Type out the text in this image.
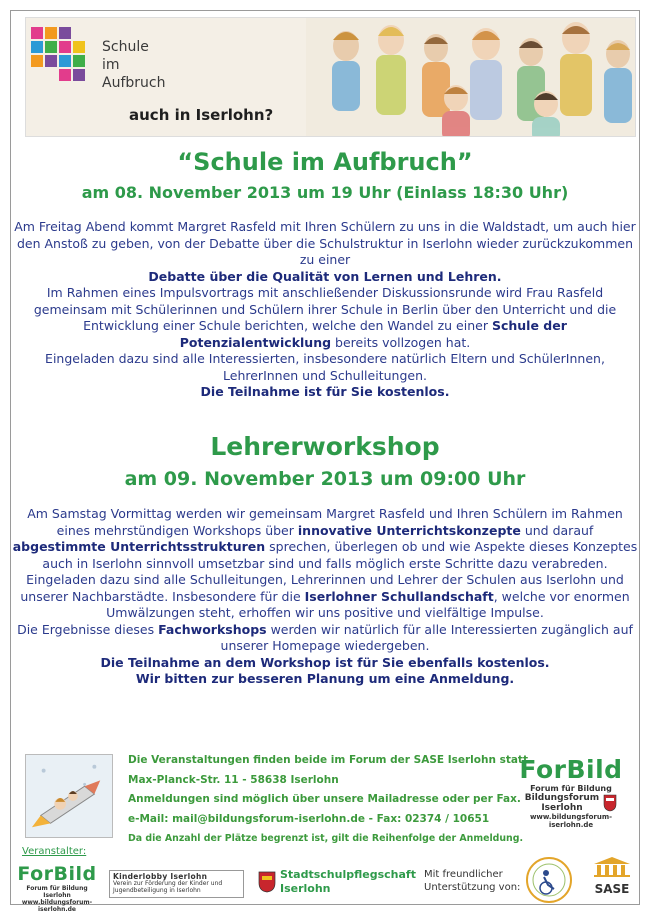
Schule
im
Aufbruch
auch in Iserlohn?
“Schule im Aufbruch”
am 08. November 2013 um 19 Uhr (Einlass 18:30 Uhr)
Am Freitag Abend kommt Margret Rasfeld mit Ihren Schülern zu uns in die Waldstadt, um auch hier den Anstoß zu geben, von der Debatte über die Schulstruktur in Iserlohn wieder zurückzukommen zu einer
Debatte über die Qualität von Lernen und Lehren.
Im Rahmen eines Impulsvortrags mit anschließender Diskussionsrunde wird Frau Rasfeld gemeinsam mit Schülerinnen und Schülern ihrer Schule in Berlin über den Unterricht und die Entwicklung einer Schule berichten, welche den Wandel zu einer Schule der Potenzialentwicklung bereits vollzogen hat.
Eingeladen dazu sind alle Interessierten, insbesondere natürlich Eltern und SchülerInnen, LehrerInnen und Schulleitungen.
Die Teilnahme ist für Sie kostenlos.
Lehrerworkshop
am 09. November 2013 um 09:00 Uhr
Am Samstag Vormittag werden wir gemeinsam Margret Rasfeld und Ihren Schülern im Rahmen eines mehrstündigen Workshops über innovative Unterrichtskonzepte und darauf abgestimmte Unterrichtsstrukturen sprechen, überlegen ob und wie Aspekte dieses Konzeptes auch in Iserlohn sinnvoll umsetzbar sind und falls möglich erste Schritte dazu verabreden.
Eingeladen dazu sind alle Schulleitungen, Lehrerinnen und Lehrer der Schulen aus Iserlohn und unserer Nachbarstädte. Insbesondere für die Iserlohner Schullandschaft, welche vor enormen Umwälzungen steht, erhoffen wir uns positive und vielfältige Impulse.
Die Ergebnisse dieses Fachworkshops werden wir natürlich für alle Interessierten zugänglich auf unserer Homepage wiedergeben.
Die Teilnahme an dem Workshop ist für Sie ebenfalls kostenlos.
Wir bitten zur besseren Planung um eine Anmeldung.
Die Veranstaltungen finden beide im Forum der SASE Iserlohn statt.
Max-Planck-Str. 11 - 58638 Iserlohn
Anmeldungen sind möglich über unsere Mailadresse oder per Fax.
e-Mail: mail@bildungsforum-iserlohn.de - Fax: 02374 / 10651
Da die Anzahl der Plätze begrenzt ist, gilt die Reihenfolge der Anmeldung.
ForBild
Forum für Bildung
Bildungsforum
Iserlohn
www.bildungsforum-iserlohn.de
Veranstalter:
ForBild
Forum für Bildung Iserlohn
www.bildungsforum-iserlohn.de
Kinderlobby Iserlohn
Verein zur Förderung der Kinder und
Jugendbeteiligung in Iserlohn
Stadtschulpflegschaft
Iserlohn
Mit freundlicher
Unterstützung von:	SASE
